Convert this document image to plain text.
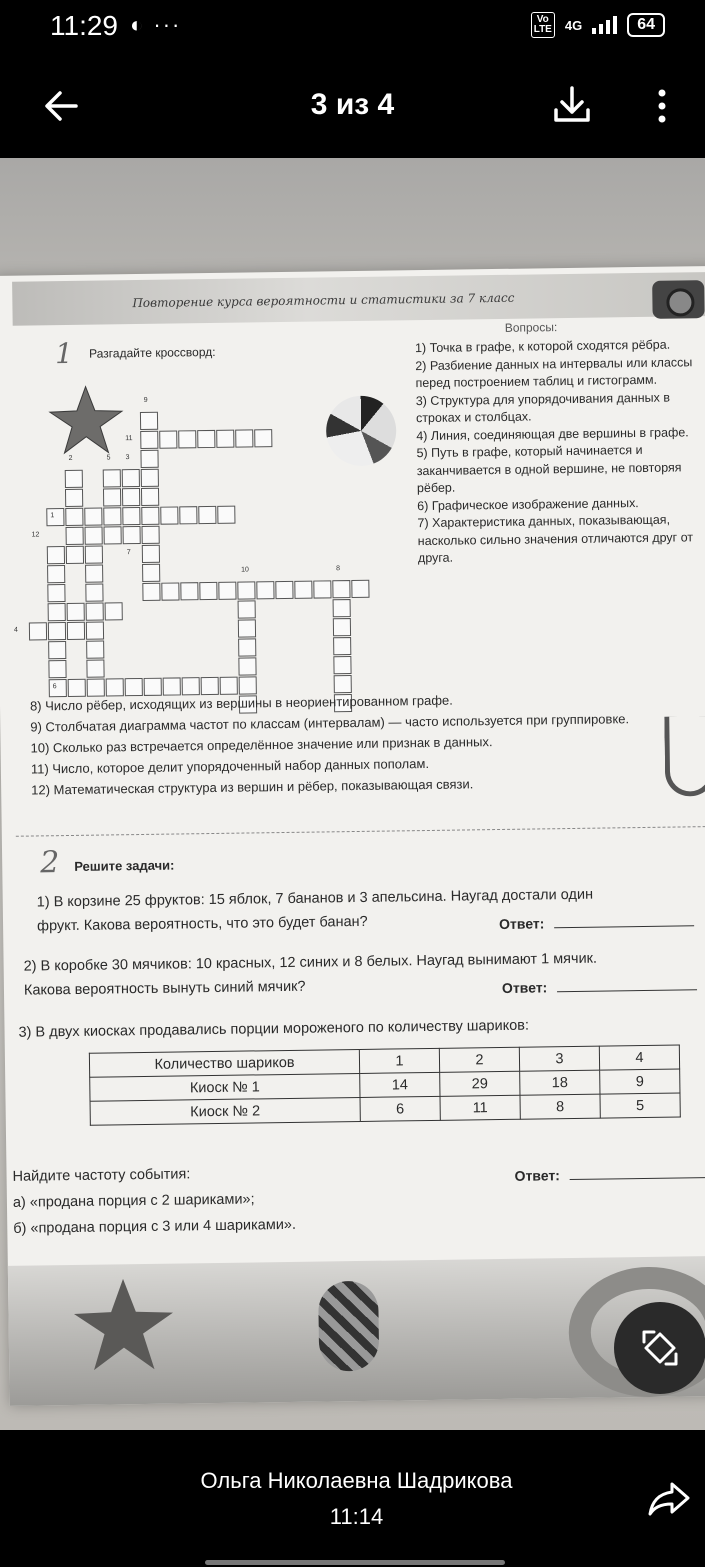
11:29 ◐ ···	Vo
LTE 4G	64
3 из 4
Повторение курса вероятности и статистики за 7 класс
1 Разгадайте кроссворд:
Вопросы:
1) Точка в графе, к которой сходятся рёбра.
2) Разбиение данных на интервалы или классы перед построением таблиц и гистограмм.
3) Структура для упорядочивания данных в строках и столбцах.
4) Линия, соединяющая две вершины в графе.
5) Путь в графе, который начинается и заканчивается в одной вершине, не повторяя рёбер.
6) Графическое изображение данных.
7) Характеристика данных, показывающая, насколько сильно значения отличаются друг от друга.
9
11
2	5 3
1
10	8
12
7
4
6
8) Число рёбер, исходящих из вершины в неориентированном графе.
9) Столбчатая диаграмма частот по классам (интервалам) — часто используется при группировке.
10) Сколько раз встречается определённое значение или признак в данных.
11) Число, которое делит упорядоченный набор данных пополам.
12) Математическая структура из вершин и рёбер, показывающая связи.
2 Решите задачи:
1) В корзине 25 фруктов: 15 яблок, 7 бананов и 3 апельсина. Наугад достали один
фрукт. Какова вероятность, что это будет банан?	Ответ:
2) В коробке 30 мячиков: 10 красных, 12 синих и 8 белых. Наугад вынимают 1 мячик.
Какова вероятность вынуть синий мячик?	Ответ:
3) В двух киосках продавались порции мороженого по количеству шариков:
Количество шариков	1	2	3	4
Киоск № 1	14	29	18	9
Киоск № 2	6	11	8	5
Найдите частоту события:
а) «продана порция с 2 шариками»;
б) «продана порция с 3 или 4 шариками».
Ответ:
Ольга Николаевна Шадрикова
11:14
